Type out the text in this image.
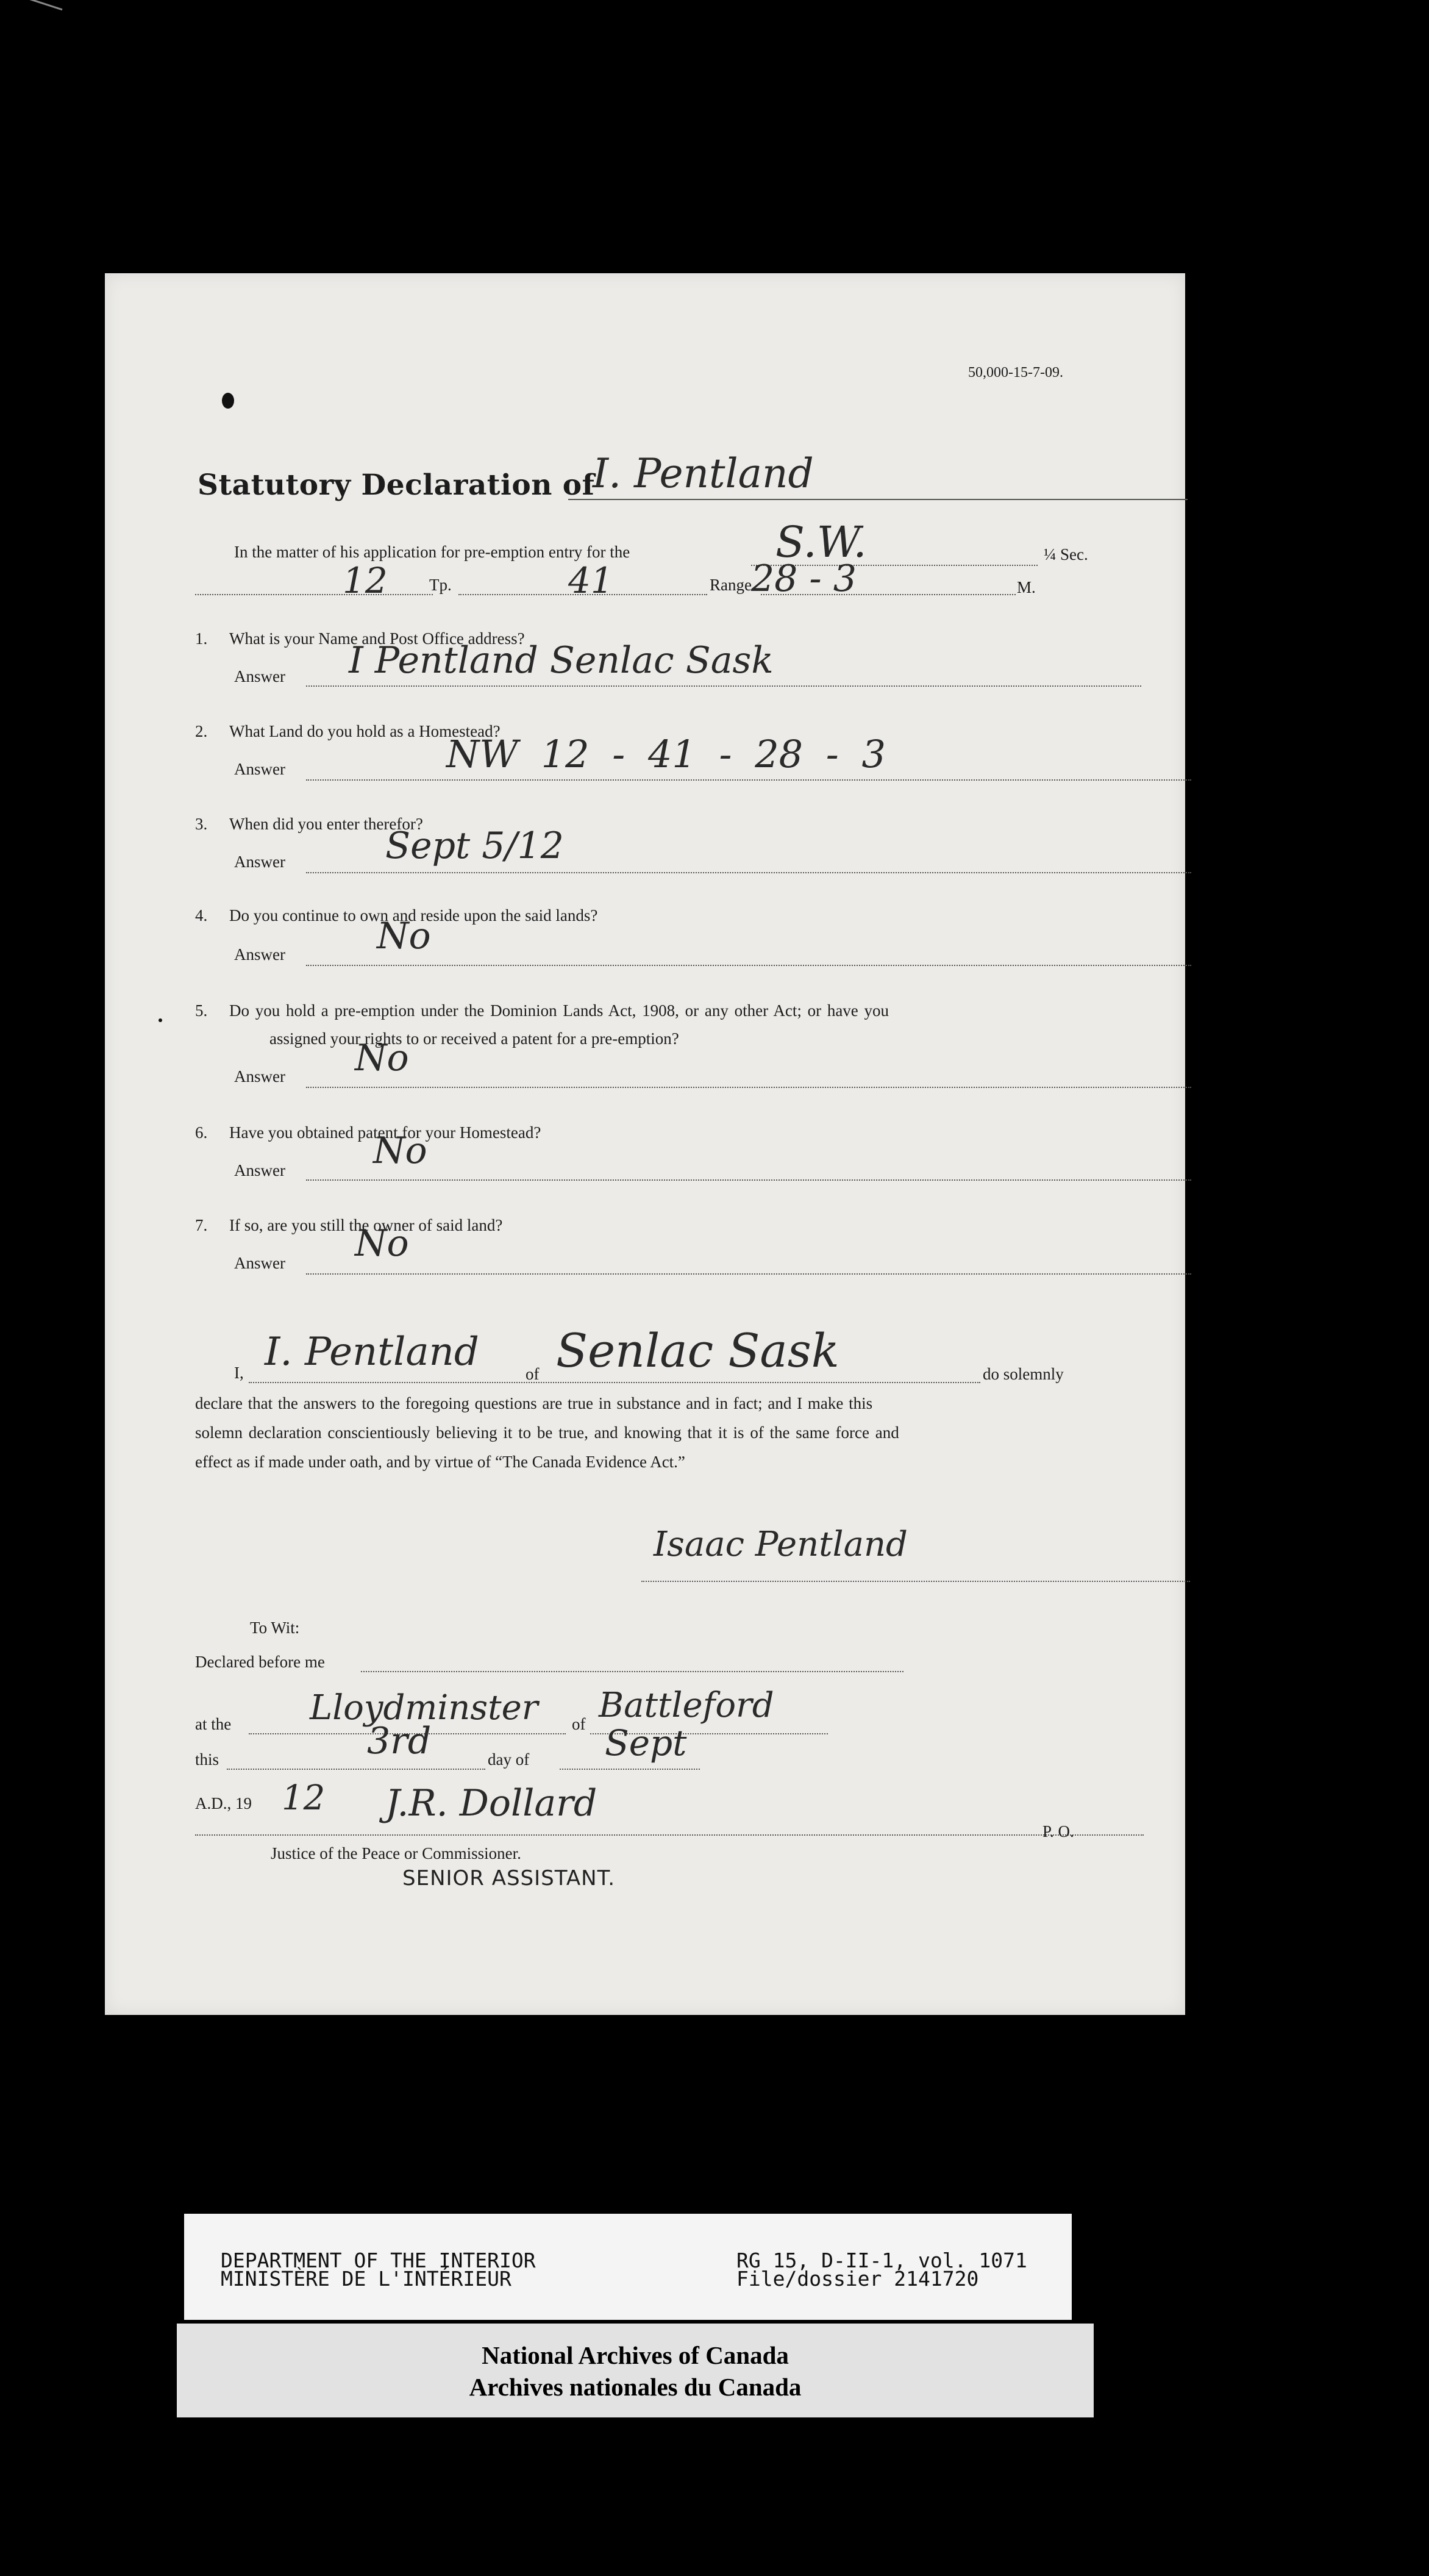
50,000-15-7-09.
Statutory Declaration of
I. Pentland
In the matter of his application for pre-emption entry for the	S.W.	¼ Sec.
12	Tp.	41	Range 28 - 3	M.
1. What is your Name and Post Office address?
Answer I Pentland Senlac Sask
2. What Land do you hold as a Homestead?
Answer	NW 12 - 41 - 28 - 3
3. When did you enter therefor?
Answer	Sept 5/12
4. Do you continue to own and reside upon the said lands?
Answer	No
5. Do you hold a pre-emption under the Dominion Lands Act, 1908, or any other Act; or have you
assigned your rights to or received a patent for a pre-emption?
Answer No
6. Have you obtained patent for your Homestead?
Answer No
7. If so, are you still the owner of said land?
Answer No
I, I. Pentland	of Senlac Sask	do solemnly
declare that the answers to the foregoing questions are true in substance and in fact; and I make this
solemn declaration conscientiously believing it to be true, and knowing that it is of the same force and
effect as if made under oath, and by virtue of “The Canada Evidence Act.”
Isaac Pentland
To Wit:
Declared before me
at the Lloydminster of Battleford
this	3rd	day of Sept
A.D., 19 12 J.R. Dollard
P. O.
Justice of the Peace or Commissioner.
SENIOR ASSISTANT.
DEPARTMENT OF THE INTERIOR
MINISTÈRE DE L'INTÉRIEUR
RG 15, D-II-1, vol. 1071
File/dossier 2141720
National Archives of Canada
Archives nationales du Canada
